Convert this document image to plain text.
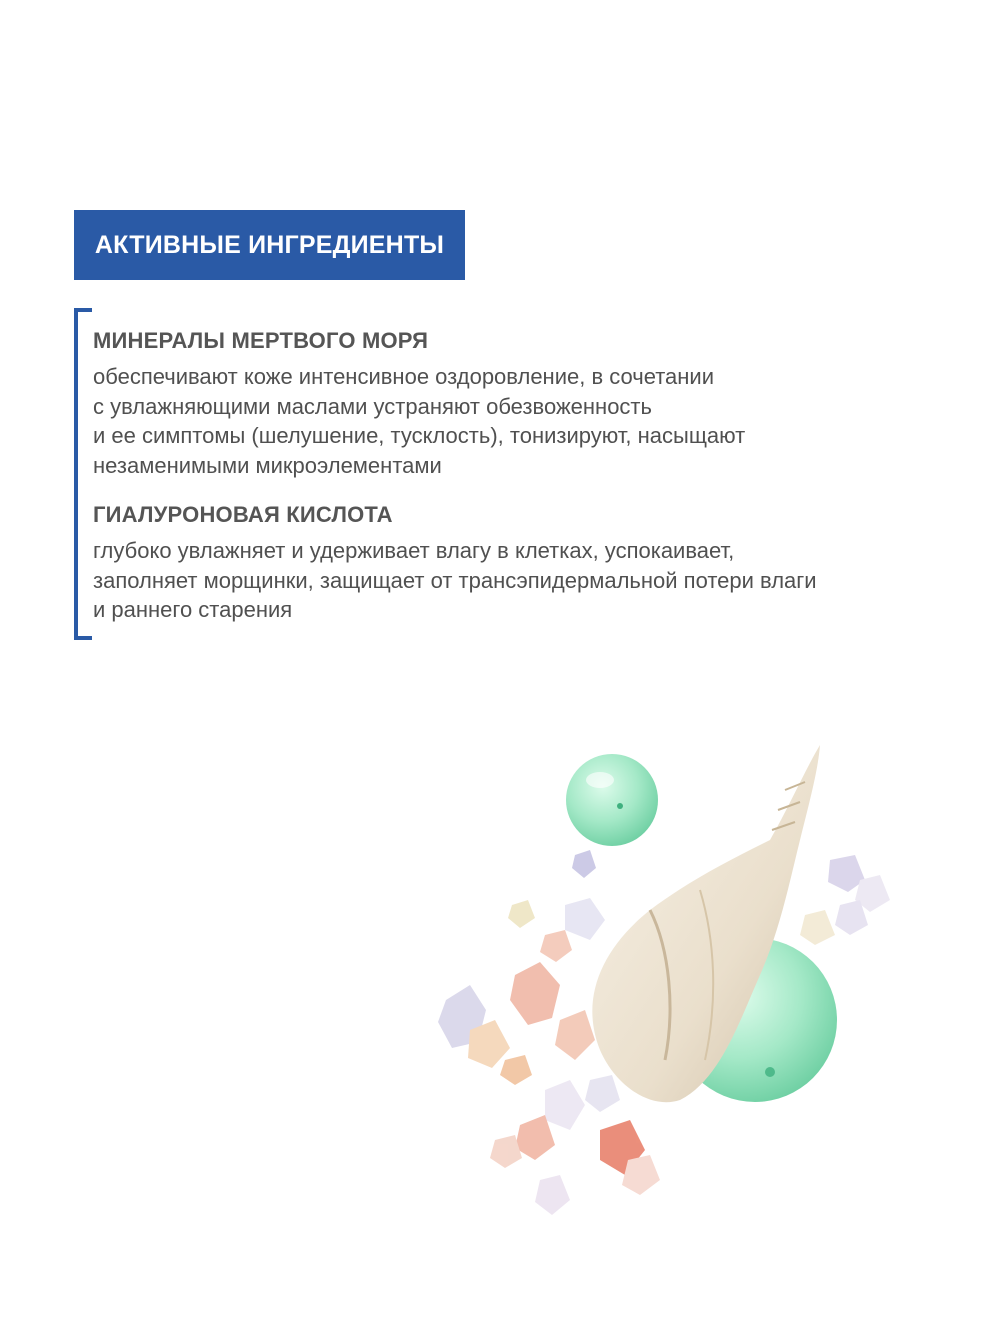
АКТИВНЫЕ ИНГРЕДИЕНТЫ
МИНЕРАЛЫ МЕРТВОГО МОРЯ

обеспечивают коже интенсивное оздоровление, в сочетании
с увлажняющими маслами устраняют обезвоженность
и ее симптомы (шелушение, тусклость), тонизируют, насыщают
незаменимыми микроэлементами

ГИАЛУРОНОВАЯ КИСЛОТА

глубоко увлажняет и удерживает влагу в клетках, успокаивает,
заполняет морщинки, защищает от трансэпидермальной потери влаги
и раннего старения
